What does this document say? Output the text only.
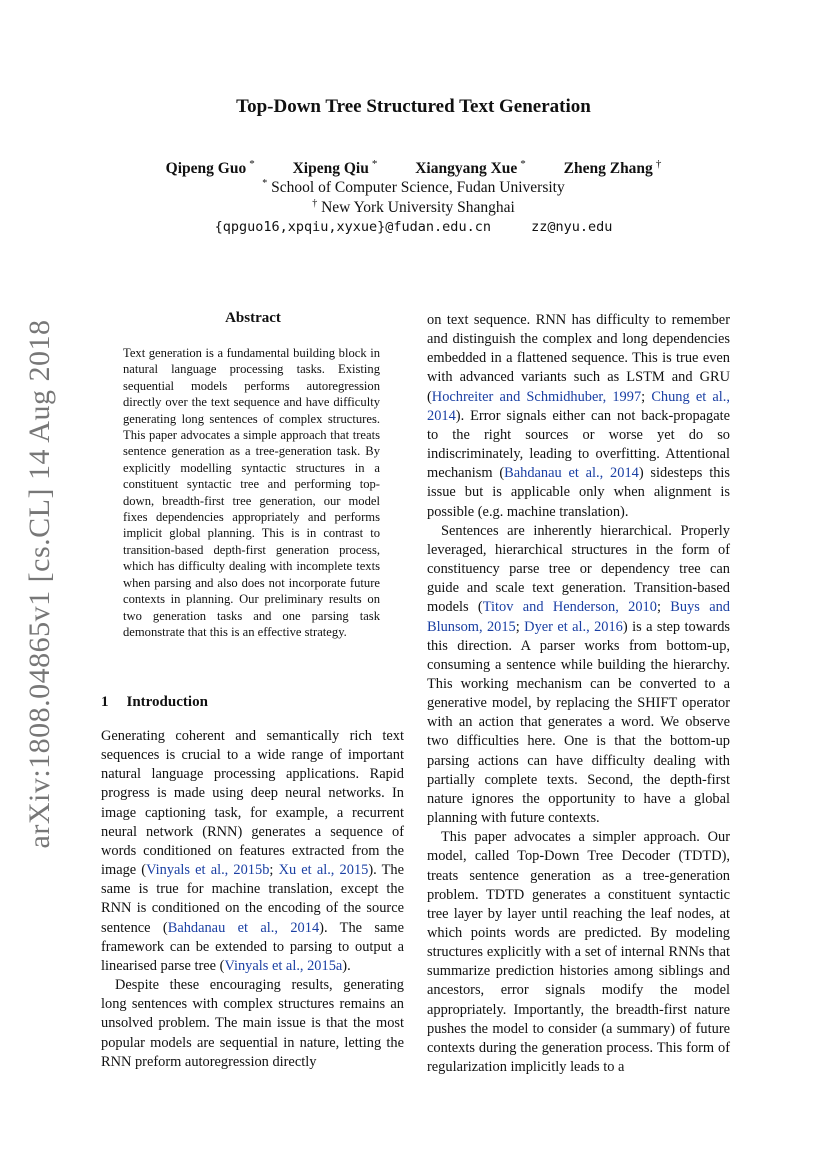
arXiv:1808.04865v1 [cs.CL] 14 Aug 2018
Top-Down Tree Structured Text Generation
Qipeng Guo * Xipeng Qiu * Xiangyang Xue * Zheng Zhang †
* School of Computer Science, Fudan University
† New York University Shanghai
{qpguo16,xpqiu,xyxue}@fudan.edu.cn	zz@nyu.edu
Abstract
Text generation is a fundamental building block in natural language processing tasks. Existing sequential models performs autoregression directly over the text sequence and have difficulty generating long sentences of complex structures. This paper advocates a simple approach that treats sentence generation as a tree-generation task. By explicitly modelling syntactic structures in a constituent syntactic tree and performing top-down, breadth-first tree generation, our model fixes dependencies appropriately and performs implicit global planning. This is in contrast to transition-based depth-first generation process, which has difficulty dealing with incomplete texts when parsing and also does not incorporate future contexts in planning. Our preliminary results on two generation tasks and one parsing task demonstrate that this is an effective strategy.
1 Introduction

Generating coherent and semantically rich text sequences is crucial to a wide range of important natural language processing applications. Rapid progress is made using deep neural networks. In image captioning task, for example, a recurrent neural network (RNN) generates a sequence of words conditioned on features extracted from the image (Vinyals et al., 2015b; Xu et al., 2015). The same is true for machine translation, except the RNN is conditioned on the encoding of the source sentence (Bahdanau et al., 2014). The same framework can be extended to parsing to output a linearised parse tree (Vinyals et al., 2015a).

Despite these encouraging results, generating long sentences with complex structures remains an unsolved problem. The main issue is that the most popular models are sequential in nature, letting the RNN preform autoregression directly

on text sequence. RNN has difficulty to remember and distinguish the complex and long dependencies embedded in a flattened sequence. This is true even with advanced variants such as LSTM and GRU (Hochreiter and Schmidhuber, 1997; Chung et al., 2014). Error signals either can not back-propagate to the right sources or worse yet do so indiscriminately, leading to overfitting. Attentional mechanism (Bahdanau et al., 2014) sidesteps this issue but is applicable only when alignment is possible (e.g. machine translation).

Sentences are inherently hierarchical. Properly leveraged, hierarchical structures in the form of constituency parse tree or dependency tree can guide and scale text generation. Transition-based models (Titov and Henderson, 2010; Buys and Blunsom, 2015; Dyer et al., 2016) is a step towards this direction. A parser works from bottom-up, consuming a sentence while building the hierarchy. This working mechanism can be converted to a generative model, by replacing the SHIFT operator with an action that generates a word. We observe two difficulties here. One is that the bottom-up parsing actions can have difficulty dealing with partially complete texts. Second, the depth-first nature ignores the opportunity to have a global planning with future contexts.

This paper advocates a simpler approach. Our model, called Top-Down Tree Decoder (TDTD), treats sentence generation as a tree-generation problem. TDTD generates a constituent syntactic tree layer by layer until reaching the leaf nodes, at which points words are predicted. By modeling structures explicitly with a set of internal RNNs that summarize prediction histories among siblings and ancestors, error signals modify the model appropriately. Importantly, the breadth-first nature pushes the model to consider (a summary) of future contexts during the generation process. This form of regularization implicitly leads to a
